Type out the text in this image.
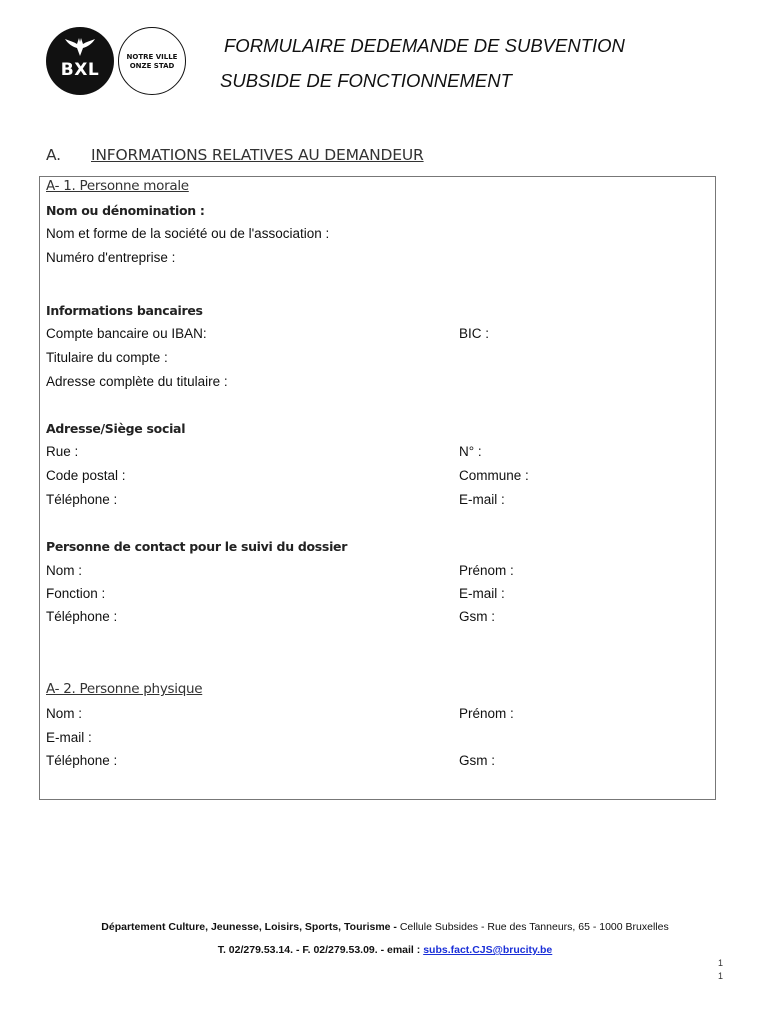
BXL
NOTRE VILLE
ONZE STAD
FORMULAIRE DEDEMANDE DE SUBVENTION
SUBSIDE DE FONCTIONNEMENT
A. INFORMATIONS RELATIVES AU DEMANDEUR
A- 1. Personne morale
Nom ou dénomination :
Nom et forme de la société ou de l'association :
Numéro d'entreprise :
Informations bancaires
Compte bancaire ou IBAN:	BIC :
Titulaire du compte :
Adresse complète du titulaire :
Adresse/Siège social
Rue :	N° :
Code postal :	Commune :
Téléphone :	E-mail :
Personne de contact pour le suivi du dossier
Nom :	Prénom :
Fonction :	E-mail :
Téléphone :	Gsm :
A- 2. Personne physique
Nom :	Prénom :
E-mail :
Téléphone :	Gsm :
Département Culture, Jeunesse, Loisirs, Sports, Tourisme - Cellule Subsides - Rue des Tanneurs, 65 - 1000 Bruxelles
T. 02/279.53.14. - F. 02/279.53.09. - email : subs.fact.CJS@brucity.be
1
1
